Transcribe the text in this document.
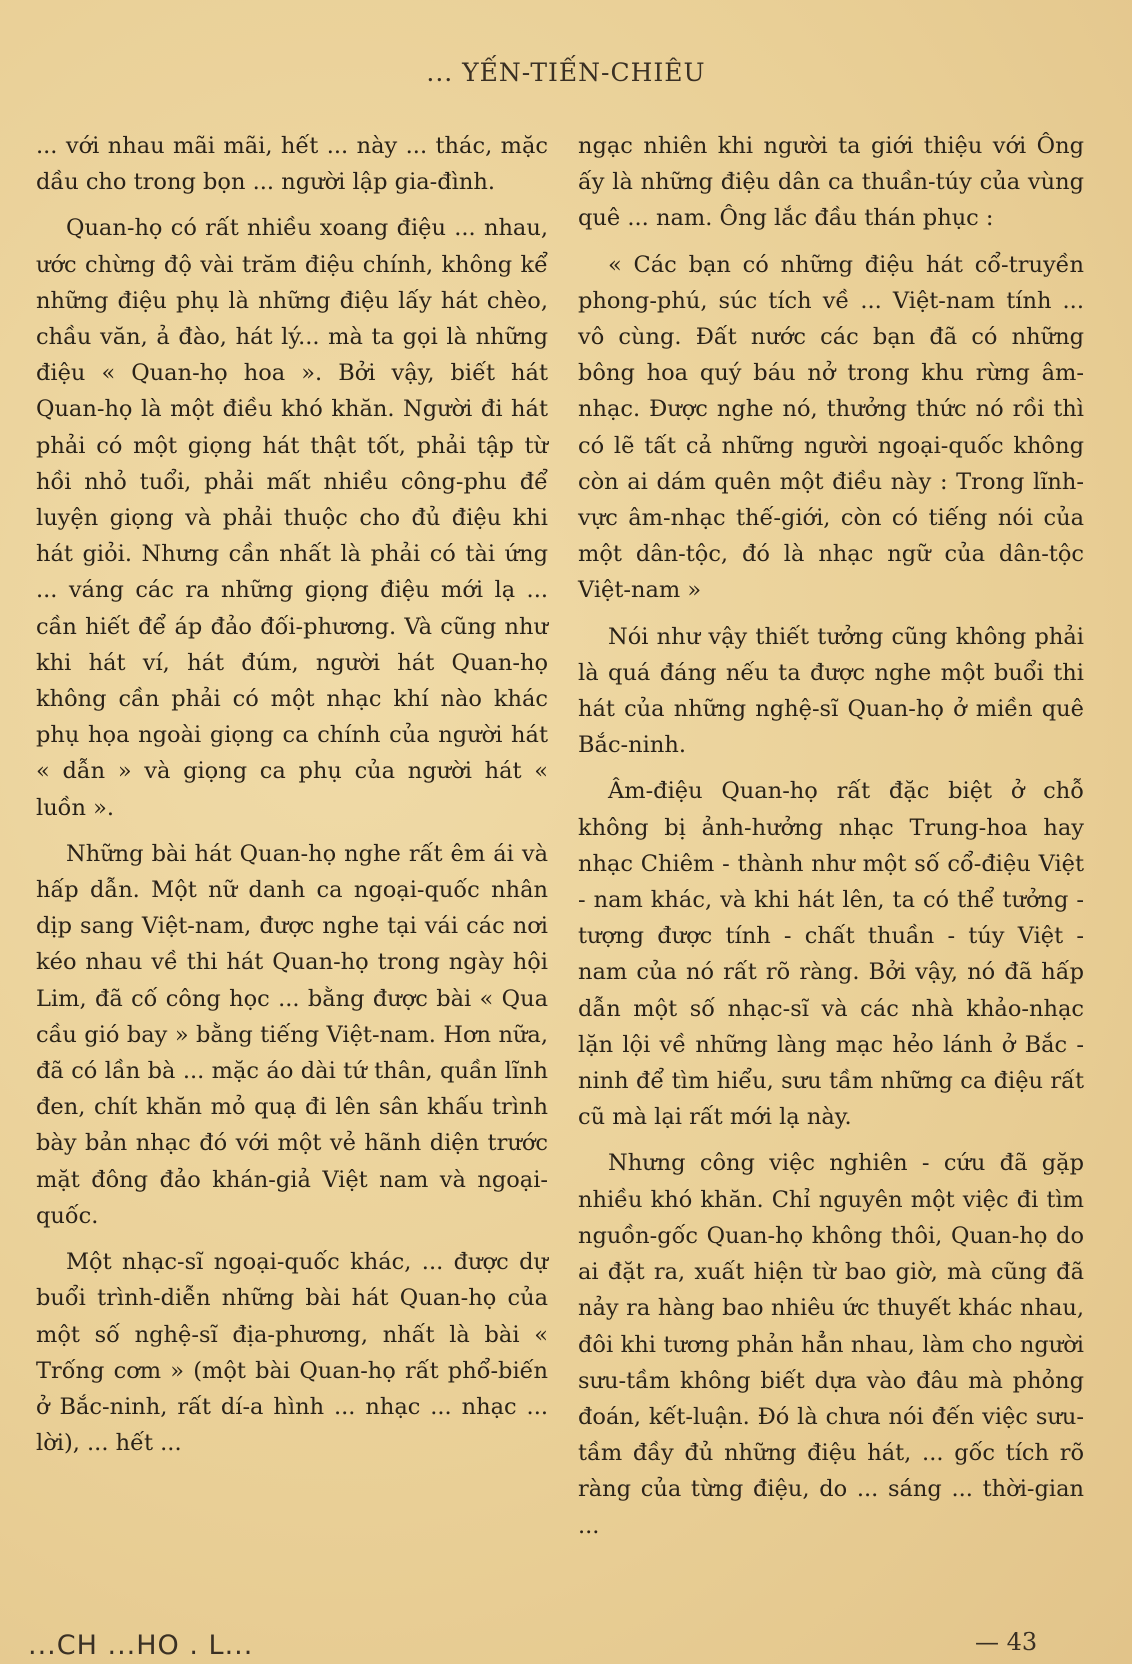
... YẾN-TIẾN-CHIÊU

... với nhau mãi mãi, hết ... này ... thác, mặc dầu cho trong bọn ... người lập gia-đình.

Quan-họ có rất nhiều xoang điệu ... nhau, ước chừng độ vài trăm điệu chính, không kể những điệu phụ là những điệu lấy hát chèo, chầu văn, ả đào, hát lý... mà ta gọi là những điệu « Quan-họ hoa ». Bởi vậy, biết hát Quan-họ là một điều khó khăn. Người đi hát phải có một giọng hát thật tốt, phải tập từ hồi nhỏ tuổi, phải mất nhiều công-phu để luyện giọng và phải thuộc cho đủ điệu khi hát giỏi. Nhưng cần nhất là phải có tài ứng ... váng các ra những giọng điệu mới lạ ... cần hiết để áp đảo đối-phương. Và cũng như khi hát ví, hát đúm, người hát Quan-họ không cần phải có một nhạc khí nào khác phụ họa ngoài giọng ca chính của người hát « dẫn » và giọng ca phụ của người hát « luồn ».

Những bài hát Quan-họ nghe rất êm ái và hấp dẫn. Một nữ danh ca ngoại-quốc nhân dịp sang Việt-nam, được nghe tại vái các nơi kéo nhau về thi hát Quan-họ trong ngày hội Lim, đã cố công học ... bằng được bài « Qua cầu gió bay » bằng tiếng Việt-nam. Hơn nữa, đã có lần bà ... mặc áo dài tứ thân, quần lĩnh đen, chít khăn mỏ quạ đi lên sân khấu trình bày bản nhạc đó với một vẻ hãnh diện trước mặt đông đảo khán-giả Việt nam và ngoại-quốc.

Một nhạc-sĩ ngoại-quốc khác, ... được dự buổi trình-diễn những bài hát Quan-họ của một số nghệ-sĩ địa-phương, nhất là bài « Trống cơm » (một bài Quan-họ rất phổ-biến ở Bắc-ninh, rất dí-a hình ... nhạc ... nhạc ... lời), ... hết ...

ngạc nhiên khi người ta giới thiệu với Ông ấy là những điệu dân ca thuần-túy của vùng quê ... nam. Ông lắc đầu thán phục :

« Các bạn có những điệu hát cổ-truyền phong-phú, súc tích về ... Việt-nam tính ... vô cùng. Đất nước các bạn đã có những bông hoa quý báu nở trong khu rừng âm-nhạc. Được nghe nó, thưởng thức nó rồi thì có lẽ tất cả những người ngoại-quốc không còn ai dám quên một điều này : Trong lĩnh-vực âm-nhạc thế-giới, còn có tiếng nói của một dân-tộc, đó là nhạc ngữ của dân-tộc Việt-nam »

Nói như vậy thiết tưởng cũng không phải là quá đáng nếu ta được nghe một buổi thi hát của những nghệ-sĩ Quan-họ ở miền quê Bắc-ninh.

Âm-điệu Quan-họ rất đặc biệt ở chỗ không bị ảnh-hưởng nhạc Trung-hoa hay nhạc Chiêm - thành như một số cổ-điệu Việt - nam khác, và khi hát lên, ta có thể tưởng - tượng được tính - chất thuần - túy Việt - nam của nó rất rõ ràng. Bởi vậy, nó đã hấp dẫn một số nhạc-sĩ và các nhà khảo-nhạc lặn lội về những làng mạc hẻo lánh ở Bắc - ninh để tìm hiểu, sưu tầm những ca điệu rất cũ mà lại rất mới lạ này.

Nhưng công việc nghiên - cứu đã gặp nhiều khó khăn. Chỉ nguyên một việc đi tìm nguồn-gốc Quan-họ không thôi, Quan-họ do ai đặt ra, xuất hiện từ bao giờ, mà cũng đã nảy ra hàng bao nhiêu ức thuyết khác nhau, đôi khi tương phản hẳn nhau, làm cho người sưu-tầm không biết dựa vào đâu mà phỏng đoán, kết-luận. Đó là chưa nói đến việc sưu-tầm đầy đủ những điệu hát, ... gốc tích rõ ràng của từng điệu, do ... sáng ... thời-gian ...

...CH ...HO . L...	— 43
